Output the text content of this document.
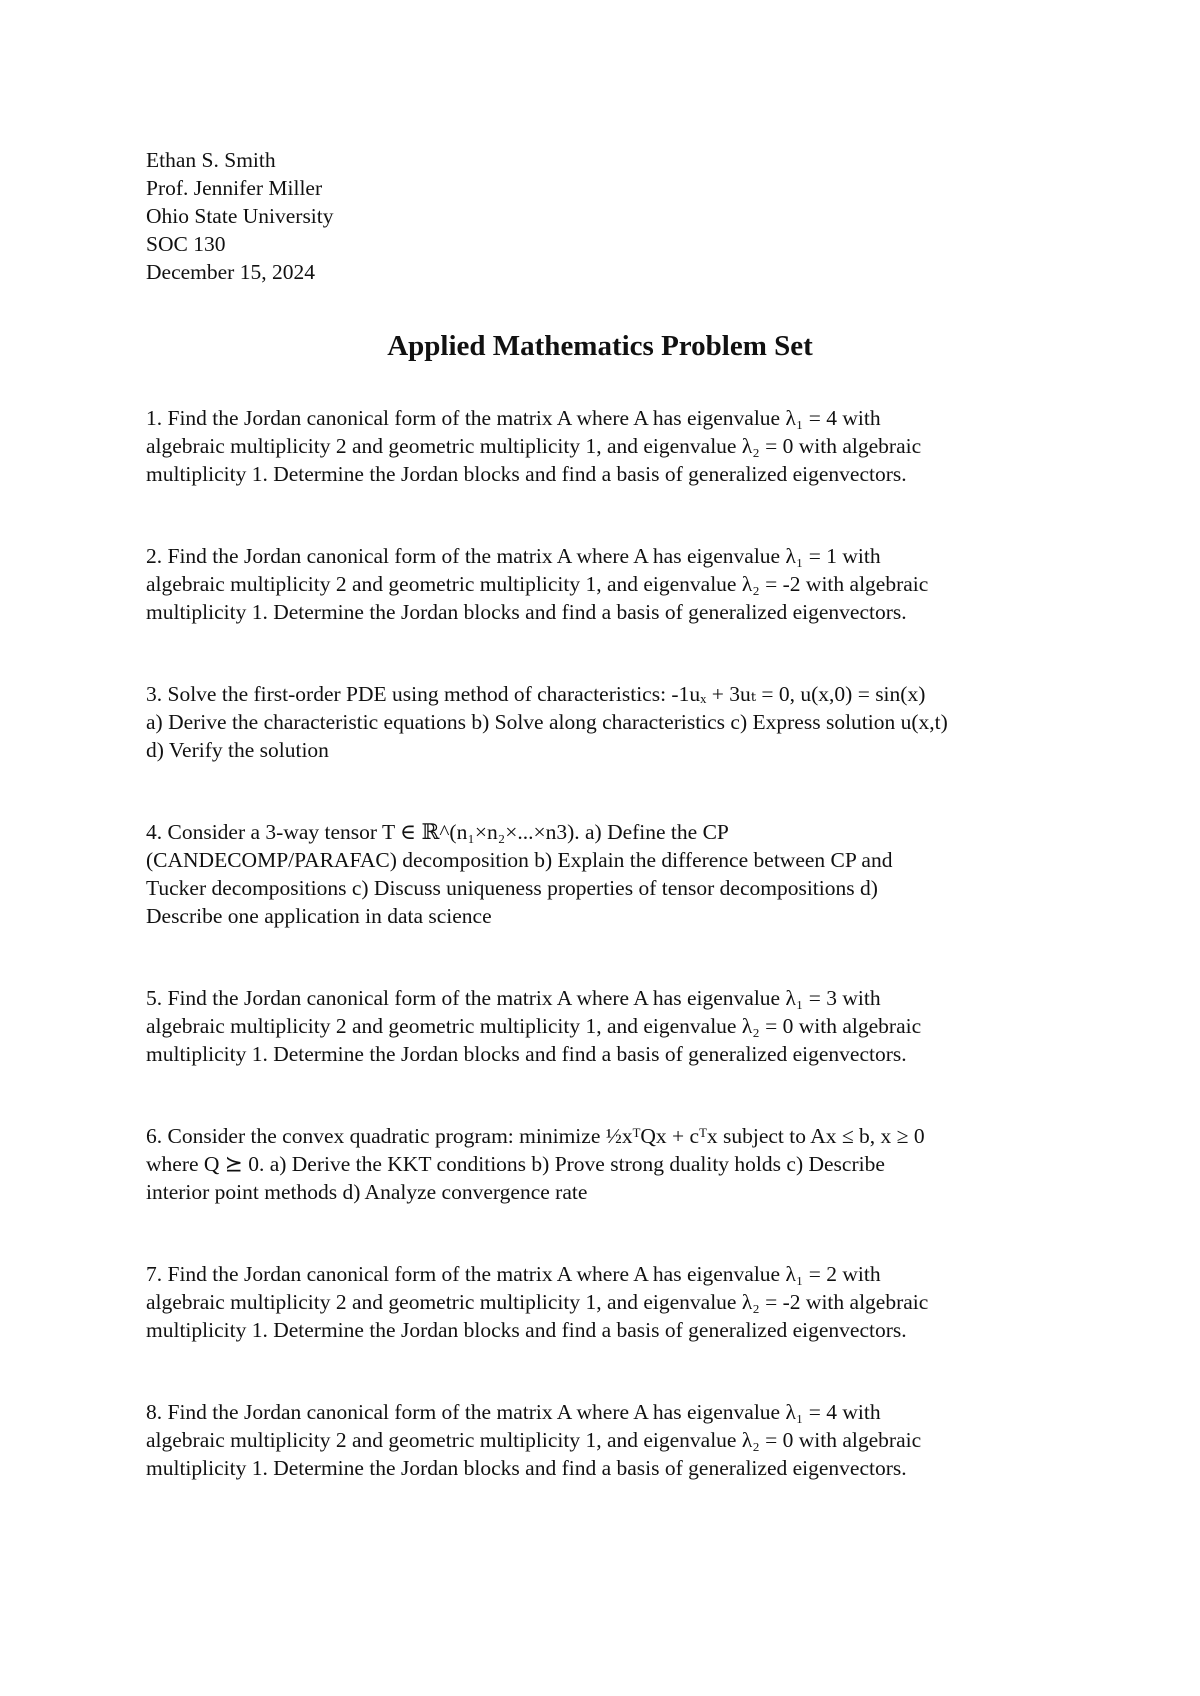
Ethan S. Smith
Prof. Jennifer Miller
Ohio State University
SOC 130
December 15, 2024
Applied Mathematics Problem Set
1. Find the Jordan canonical form of the matrix A where A has eigenvalue λ₁ = 4 with
algebraic multiplicity 2 and geometric multiplicity 1, and eigenvalue λ₂ = 0 with algebraic
multiplicity 1. Determine the Jordan blocks and find a basis of generalized eigenvectors.
2. Find the Jordan canonical form of the matrix A where A has eigenvalue λ₁ = 1 with
algebraic multiplicity 2 and geometric multiplicity 1, and eigenvalue λ₂ = -2 with algebraic
multiplicity 1. Determine the Jordan blocks and find a basis of generalized eigenvectors.
3. Solve the first-order PDE using method of characteristics: -1uₓ + 3uₜ = 0, u(x,0) = sin(x)
a) Derive the characteristic equations b) Solve along characteristics c) Express solution u(x,t)
d) Verify the solution
4. Consider a 3-way tensor T ∈ ℝ^(n₁×n₂×...×n3). a) Define the CP
(CANDECOMP/PARAFAC) decomposition b) Explain the difference between CP and
Tucker decompositions c) Discuss uniqueness properties of tensor decompositions d)
Describe one application in data science
5. Find the Jordan canonical form of the matrix A where A has eigenvalue λ₁ = 3 with
algebraic multiplicity 2 and geometric multiplicity 1, and eigenvalue λ₂ = 0 with algebraic
multiplicity 1. Determine the Jordan blocks and find a basis of generalized eigenvectors.
6. Consider the convex quadratic program: minimize ½xᵀQx + cᵀx subject to Ax ≤ b, x ≥ 0
where Q ⪰ 0. a) Derive the KKT conditions b) Prove strong duality holds c) Describe
interior point methods d) Analyze convergence rate
7. Find the Jordan canonical form of the matrix A where A has eigenvalue λ₁ = 2 with
algebraic multiplicity 2 and geometric multiplicity 1, and eigenvalue λ₂ = -2 with algebraic
multiplicity 1. Determine the Jordan blocks and find a basis of generalized eigenvectors.
8. Find the Jordan canonical form of the matrix A where A has eigenvalue λ₁ = 4 with
algebraic multiplicity 2 and geometric multiplicity 1, and eigenvalue λ₂ = 0 with algebraic
multiplicity 1. Determine the Jordan blocks and find a basis of generalized eigenvectors.
